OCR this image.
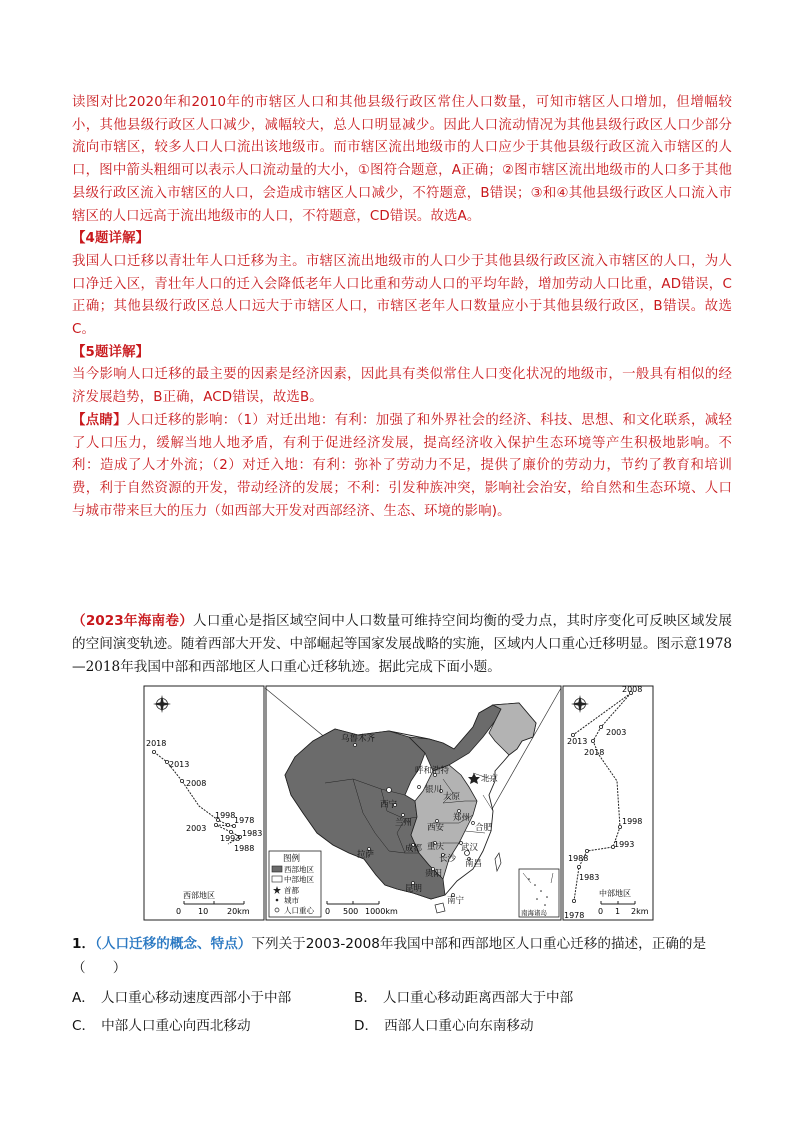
读图对比2020年和2010年的市辖区人口和其他县级行政区常住人口数量，可知市辖区人口增加，但增幅较小，其他县级行政区人口减少，减幅较大，总人口明显减少。因此人口流动情况为其他县级行政区人口少部分流向市辖区，较多人口人口流出该地级市。而市辖区流出地级市的人口应少于其他县级行政区流入市辖区的人口，图中箭头粗细可以表示人口流动量的大小，①图符合题意，A正确；②图市辖区流出地级市的人口多于其他县级行政区流入市辖区的人口，会造成市辖区人口减少，不符题意，B错误；③和④其他县级行政区人口流入市辖区的人口远高于流出地级市的人口，不符题意，CD错误。故选A。

【4题详解】

我国人口迁移以青壮年人口迁移为主。市辖区流出地级市的人口少于其他县级行政区流入市辖区的人口，为人口净迁入区，青壮年人口的迁入会降低老年人口比重和劳动人口的平均年龄，增加劳动人口比重，AD错误，C正确；其他县级行政区总人口远大于市辖区人口，市辖区老年人口数量应小于其他县级行政区，B错误。故选C。

【5题详解】

当今影响人口迁移的最主要的因素是经济因素，因此具有类似常住人口变化状况的地级市，一般具有相似的经济发展趋势，B正确，ACD错误，故选B。

【点睛】人口迁移的影响：（1）对迁出地：有利：加强了和外界社会的经济、科技、思想、和文化联系，减轻了人口压力，缓解当地人地矛盾，有利于促进经济发展，提高经济收入保护生态环境等产生积极地影响。不利：造成了人才外流；（2）对迁入地：有利：弥补了劳动力不足，提供了廉价的劳动力，节约了教育和培训费，利于自然资源的开发，带动经济的发展；不利：引发种族冲突，影响社会治安，给自然和生态环境、人口与城市带来巨大的压力（如西部大开发对西部经济、生态、环境的影响)。

（2023年海南卷）人口重心是指区域空间中人口数量可维持空间均衡的受力点，其时序变化可反映区域发展的空间演变轨迹。随着西部大开发、中部崛起等国家发展战略的实施，区域内人口重心迁移明显。图示意1978—2018年我国中部和西部地区人口重心迁移轨迹。据此完成下面小题。
2018
2013
2008
1998
1978
1983
2003
1993
1988
西部地区
0 10 20km
乌鲁木齐
呼和浩特
北京
银川
太原
西宁
兰州	郑州
西安	合肥
成都 重庆 武汉
拉萨	长沙 南昌
贵阳
昆明
南宁
图例
西部地区
中部地区
首都
城市
人口重心 0 500 1000km	南海诸岛
2008
2013
2003
2018
1998
1993
1988
1983
1978
中部地区
0 1 2km
1．（人口迁移的概念、特点）下列关于2003-2008年我国中部和西部地区人口重心迁移的描述，正确的是
（　　）
A． 人口重心移动速度西部小于中部	B． 人口重心移动距离西部大于中部
C． 中部人口重心向西北移动	D． 西部人口重心向东南移动
